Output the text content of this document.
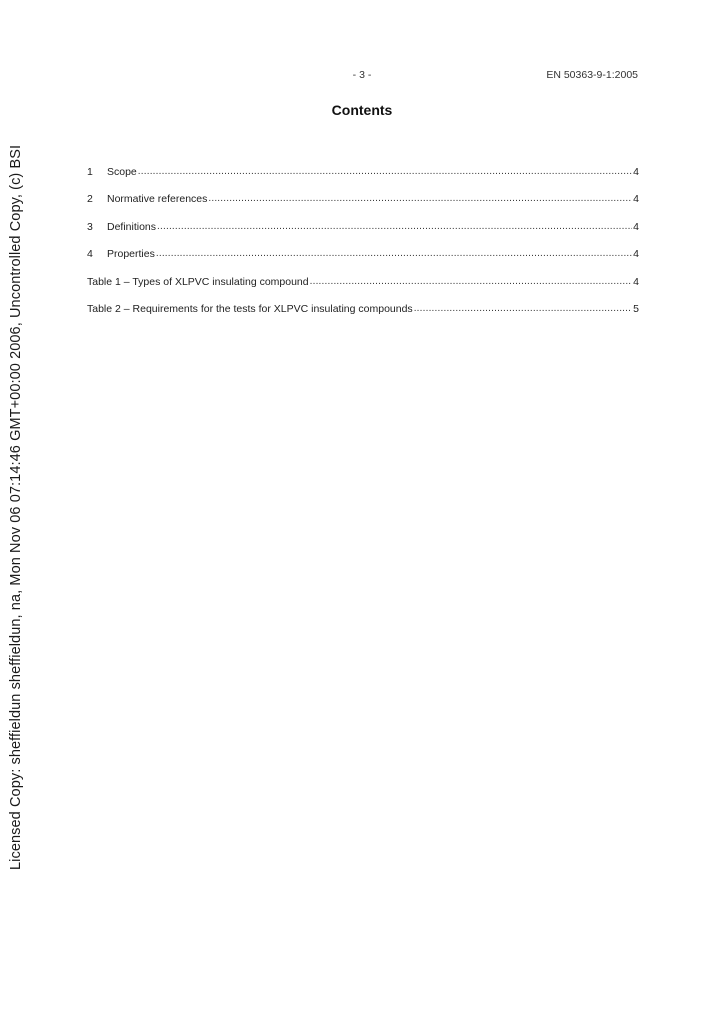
- 3 -	EN 50363-9-1:2005
Contents
1	Scope .....	4
2	Normative references .....	4
3	Definitions .....	4
4	Properties .....	4
Table 1 – Types of XLPVC insulating compound .....	4
Table 2 – Requirements for the tests for XLPVC insulating compounds .....	5
Licensed Copy: sheffieldun sheffieldun, na, Mon Nov 06 07:14:46 GMT+00:00 2006, Uncontrolled Copy, (c) BSI
